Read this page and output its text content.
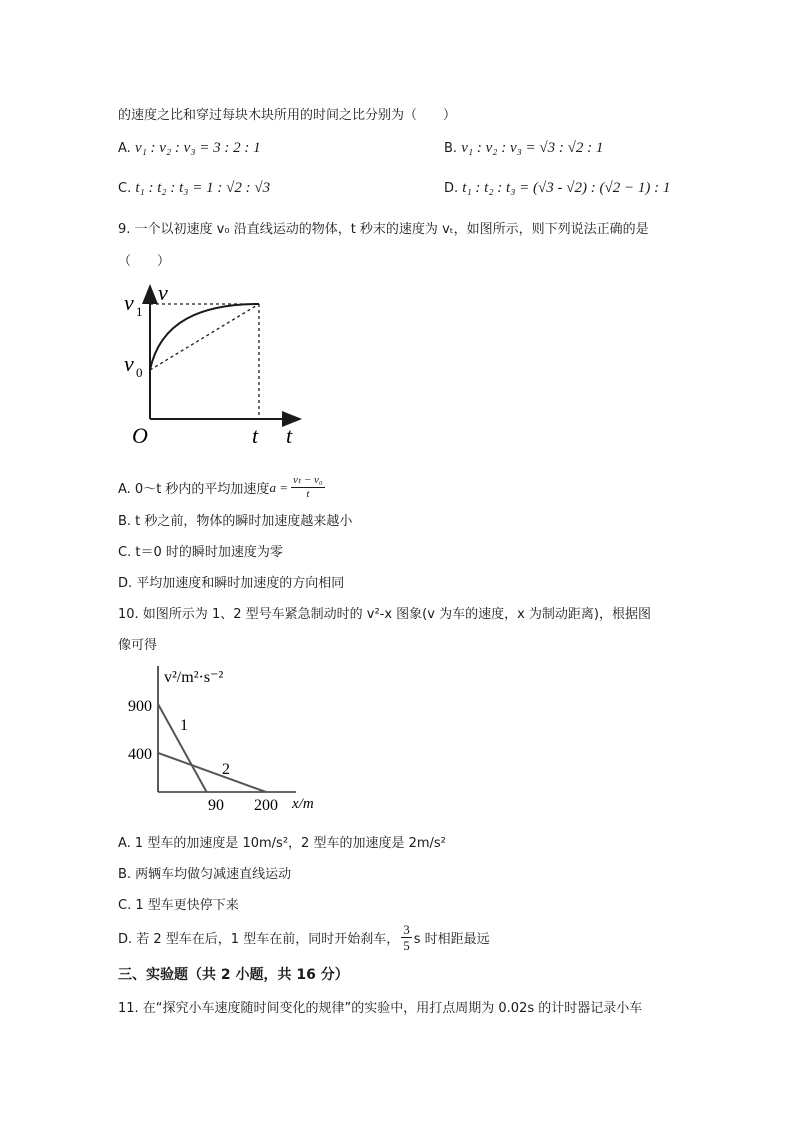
的速度之比和穿过每块木块所用的时间之比分别为（　　）
A. v₁ : v₂ : v₃ = 3 : 2 : 1	B. v₁ : v₂ : v₃ = √3 : √2 : 1
C. t₁ : t₂ : t₃ = 1 : √2 : √3	D. t₁ : t₂ : t₃ = (√3 - √2) : (√2 − 1) : 1
9. 一个以初速度 v₀ 沿直线运动的物体，t 秒末的速度为 vₜ，如图所示，则下列说法正确的是
（　　）
v
t
O	t
v 1
v 0
A. 0～t 秒内的平均加速度 $a = \frac{\text{vₜ − v₀}}{t}$
B. t 秒之前，物体的瞬时加速度越来越小
C. t＝0 时的瞬时加速度为零
D. 平均加速度和瞬时加速度的方向相同
10. 如图所示为 1、2 型号车紧急制动时的 v²-x 图象(v 为车的速度，x 为制动距离)，根据图
像可得
v²/m²·s⁻²
x/m
900
400
90 200
1
2
A. 1 型车的加速度是 10m/s²，2 型车的加速度是 2m/s²
B. 两辆车均做匀减速直线运动
C. 1 型车更快停下来
D. 若 2 型车在后，1 型车在前，同时开始刹车， $\frac{3}{5}$ s 时相距最远
三、实验题（共 2 小题，共 16 分）
11. 在“探究小车速度随时间变化的规律”的实验中，用打点周期为 0.02s 的计时器记录小车
